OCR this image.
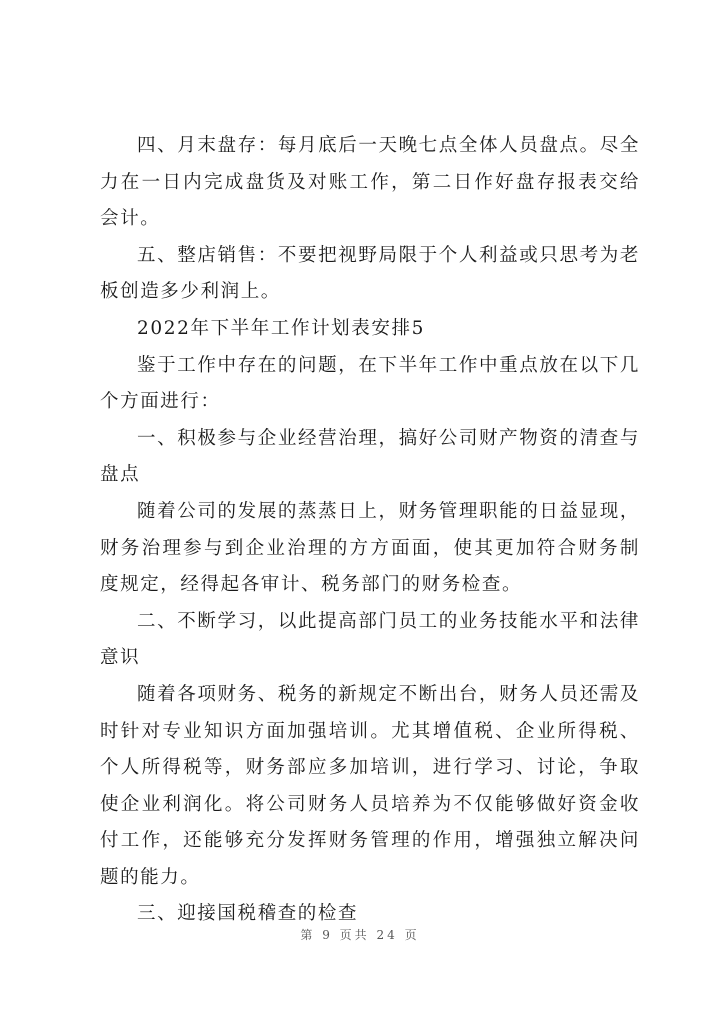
四、月末盘存：每月底后一天晚七点全体人员盘点。尽全力在一日内完成盘货及对账工作，第二日作好盘存报表交给会计。

五、整店销售：不要把视野局限于个人利益或只思考为老板创造多少利润上。

2022年下半年工作计划表安排5

鉴于工作中存在的问题，在下半年工作中重点放在以下几个方面进行：

一、积极参与企业经营治理，搞好公司财产物资的清查与盘点

随着公司的发展的蒸蒸日上，财务管理职能的日益显现，财务治理参与到企业治理的方方面面，使其更加符合财务制度规定，经得起各审计、税务部门的财务检查。

二、不断学习，以此提高部门员工的业务技能水平和法律意识

随着各项财务、税务的新规定不断出台，财务人员还需及时针对专业知识方面加强培训。尤其增值税、企业所得税、个人所得税等，财务部应多加培训，进行学习、讨论，争取使企业利润化。将公司财务人员培养为不仅能够做好资金收付工作，还能够充分发挥财务管理的作用，增强独立解决问题的能力。

三、迎接国税稽查的检查

第 9 页共 24 页
